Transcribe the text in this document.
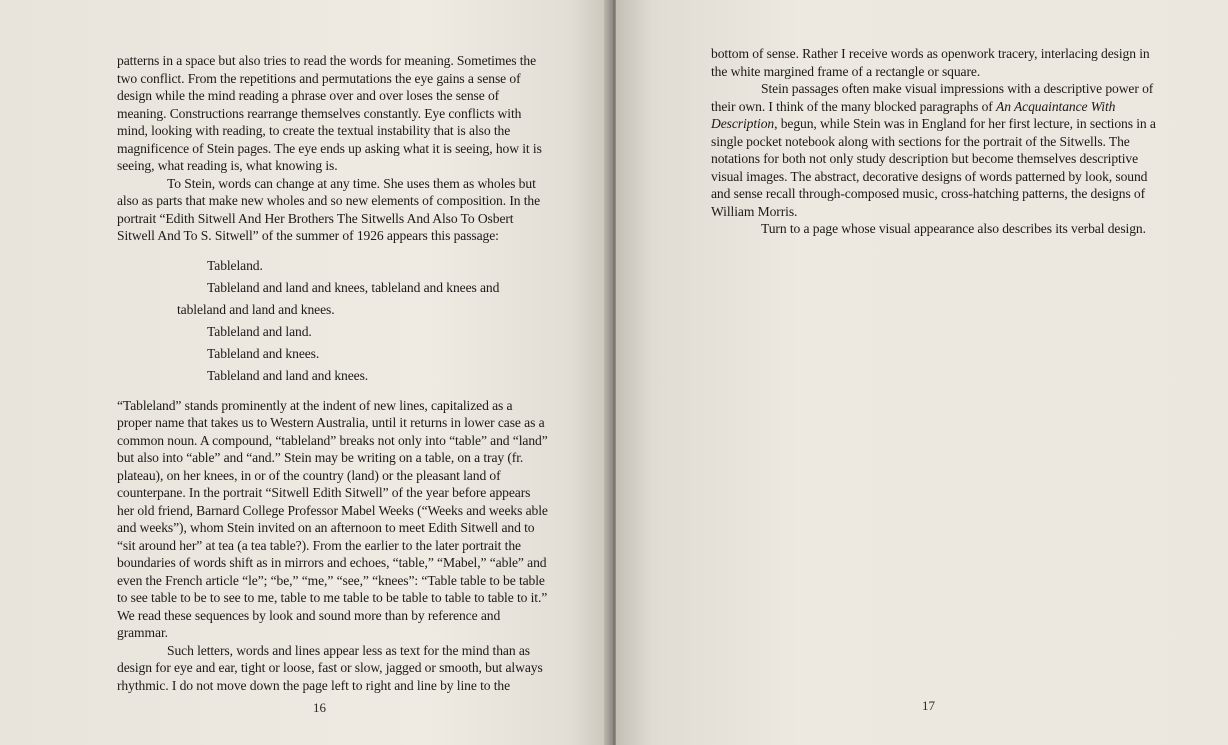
patterns in a space but also tries to read the words for meaning. Sometimes the two conflict. From the repetitions and permutations the eye gains a sense of design while the mind reading a phrase over and over loses the sense of meaning. Constructions rearrange themselves constantly. Eye conflicts with mind, looking with reading, to create the textual instability that is also the magnificence of Stein pages. The eye ends up asking what it is seeing, how it is seeing, what reading is, what knowing is.

To Stein, words can change at any time. She uses them as wholes but also as parts that make new wholes and so new elements of composition. In the portrait “Edith Sitwell And Her Brothers The Sitwells And Also To Osbert Sitwell And To S. Sitwell” of the summer of 1926 appears this passage:

Tableland.
Tableland and land and knees, tableland and knees and
tableland and land and knees.
Tableland and land.
Tableland and knees.
Tableland and land and knees.

“Tableland” stands prominently at the indent of new lines, capitalized as a proper name that takes us to Western Australia, until it returns in lower case as a common noun. A compound, “tableland” breaks not only into “table” and “land” but also into “able” and “and.” Stein may be writing on a table, on a tray (fr. plateau), on her knees, in or of the country (land) or the pleasant land of counterpane. In the portrait “Sitwell Edith Sitwell” of the year before appears her old friend, Barnard College Professor Mabel Weeks (“Weeks and weeks able and weeks”), whom Stein invited on an afternoon to meet Edith Sitwell and to “sit around her” at tea (a tea table?). From the earlier to the later portrait the boundaries of words shift as in mirrors and echoes, “table,” “Mabel,” “able” and even the French article “le”; “be,” “me,” “see,” “knees”: “Table table to be table to see table to be to see to me, table to me table to be table to table to table to it.” We read these sequences by look and sound more than by reference and grammar.

Such letters, words and lines appear less as text for the mind than as design for eye and ear, tight or loose, fast or slow, jagged or smooth, but always rhythmic. I do not move down the page left to right and line by line to the

16

bottom of sense. Rather I receive words as openwork tracery, interlacing design in the white margined frame of a rectangle or square.

Stein passages often make visual impressions with a descriptive power of their own. I think of the many blocked paragraphs of An Acquaintance With Description, begun, while Stein was in England for her first lecture, in sections in a single pocket notebook along with sections for the portrait of the Sitwells. The notations for both not only study description but become themselves descriptive visual images. The abstract, decorative designs of words patterned by look, sound and sense recall through-composed music, cross-hatching patterns, the designs of William Morris.

Turn to a page whose visual appearance also describes its verbal design.

17
